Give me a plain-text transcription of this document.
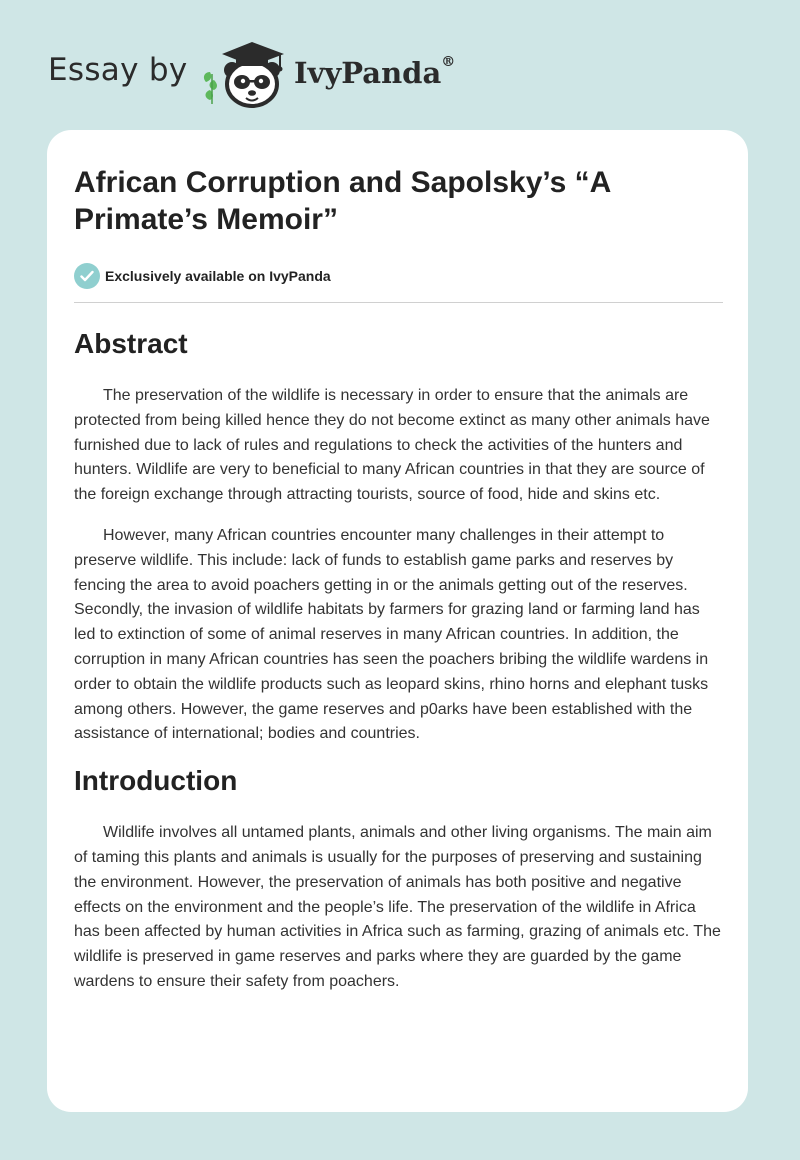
Essay by	IvyPanda®
African Corruption and Sapolsky’s “A Primate’s Memoir”
Exclusively available on IvyPanda
Abstract

The preservation of the wildlife is necessary in order to ensure that the animals are protected from being killed hence they do not become extinct as many other animals have furnished due to lack of rules and regulations to check the activities of the hunters and hunters. Wildlife are very to beneficial to many African countries in that they are source of the foreign exchange through attracting tourists, source of food, hide and skins etc.

However, many African countries encounter many challenges in their attempt to preserve wildlife. This include: lack of funds to establish game parks and reserves by fencing the area to avoid poachers getting in or the animals getting out of the reserves. Secondly, the invasion of wildlife habitats by farmers for grazing land or farming land has led to extinction of some of animal reserves in many African countries. In addition, the corruption in many African countries has seen the poachers bribing the wildlife wardens in order to obtain the wildlife products such as leopard skins, rhino horns and elephant tusks among others. However, the game reserves and p0arks have been established with the assistance of international; bodies and countries.

Introduction

Wildlife involves all untamed plants, animals and other living organisms. The main aim of taming this plants and animals is usually for the purposes of preserving and sustaining the environment. However, the preservation of animals has both positive and negative effects on the environment and the people’s life. The preservation of the wildlife in Africa has been affected by human activities in Africa such as farming, grazing of animals etc. The wildlife is preserved in game reserves and parks where they are guarded by the game wardens to ensure their safety from poachers.
